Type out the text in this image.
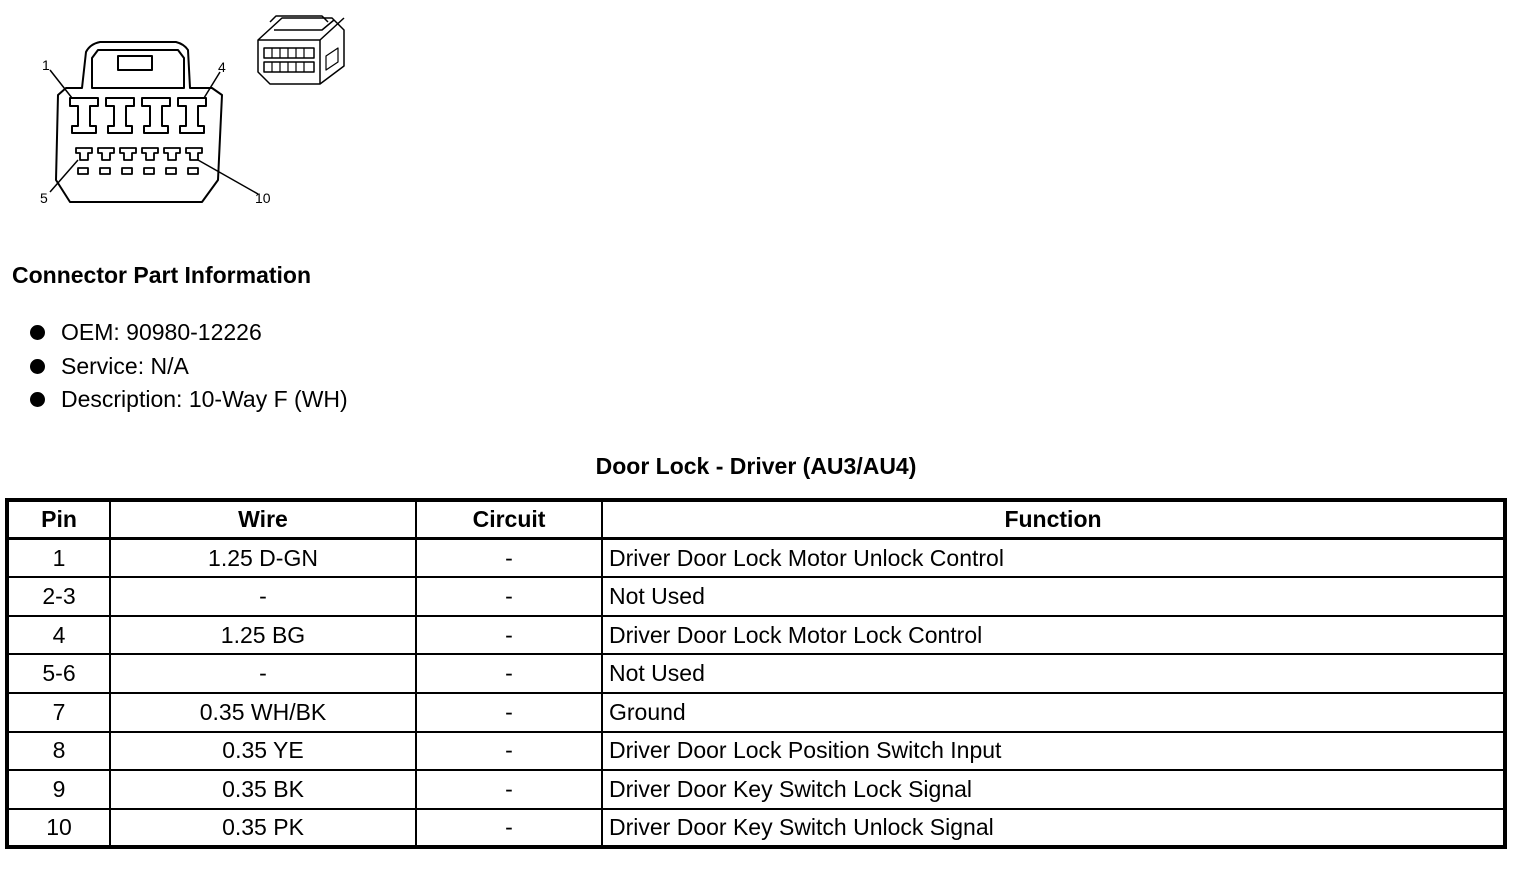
1	4
5	10
Connector Part Information
OEM: 90980-12226
Service: N/A
Description: 10-Way F (WH)
Door Lock - Driver (AU3/AU4)
Pin	Wire	Circuit	Function
1	1.25 D-GN	-	Driver Door Lock Motor Unlock Control
2-3	-	-	Not Used
4	1.25 BG	-	Driver Door Lock Motor Lock Control
5-6	-	-	Not Used
7	0.35 WH/BK	-	Ground
8	0.35 YE	-	Driver Door Lock Position Switch Input
9	0.35 BK	-	Driver Door Key Switch Lock Signal
10	0.35 PK	-	Driver Door Key Switch Unlock Signal
